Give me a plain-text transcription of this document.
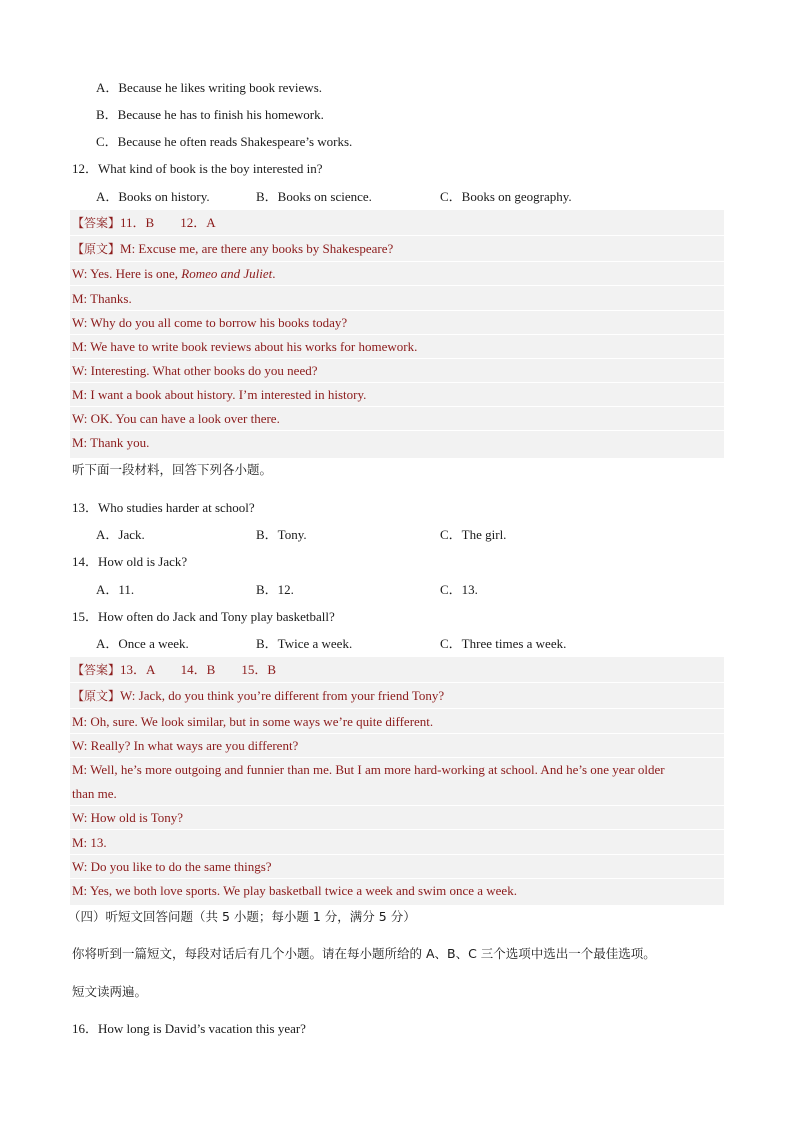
A．Because he likes writing book reviews.
B．Because he has to finish his homework.
C．Because he often reads Shakespeare’s works.
12．What kind of book is the boy interested in?
A．Books on history.	B．Books on science.	C．Books on geography.
【答案】11．B　　12．A
【原文】M: Excuse me, are there any books by Shakespeare?
W: Yes. Here is one, Romeo and Juliet.
M: Thanks.
W: Why do you all come to borrow his books today?
M: We have to write book reviews about his works for homework.
W: Interesting. What other books do you need?
M: I want a book about history. I’m interested in history.
W: OK. You can have a look over there.
M: Thank you.
听下面一段材料，回答下列各小题。
13．Who studies harder at school?
A．Jack.	B．Tony.	C．The girl.
14．How old is Jack?
A．11.	B．12.	C．13.
15．How often do Jack and Tony play basketball?
A．Once a week.	B．Twice a week.	C．Three times a week.
【答案】13．A　　14．B　　15．B
【原文】W: Jack, do you think you’re different from your friend Tony?
M: Oh, sure. We look similar, but in some ways we’re quite different.
W: Really? In what ways are you different?
M: Well, he’s more outgoing and funnier than me. But I am more hard-working at school. And he’s one year older
than me.
W: How old is Tony?
M: 13.
W: Do you like to do the same things?
M: Yes, we both love sports. We play basketball twice a week and swim once a week.
（四）听短文回答问题（共 5 小题；每小题 1 分，满分 5 分）
你将听到一篇短文，每段对话后有几个小题。请在每小题所给的 A、B、C 三个选项中选出一个最佳选项。
短文读两遍。
16．How long is David’s vacation this year?
